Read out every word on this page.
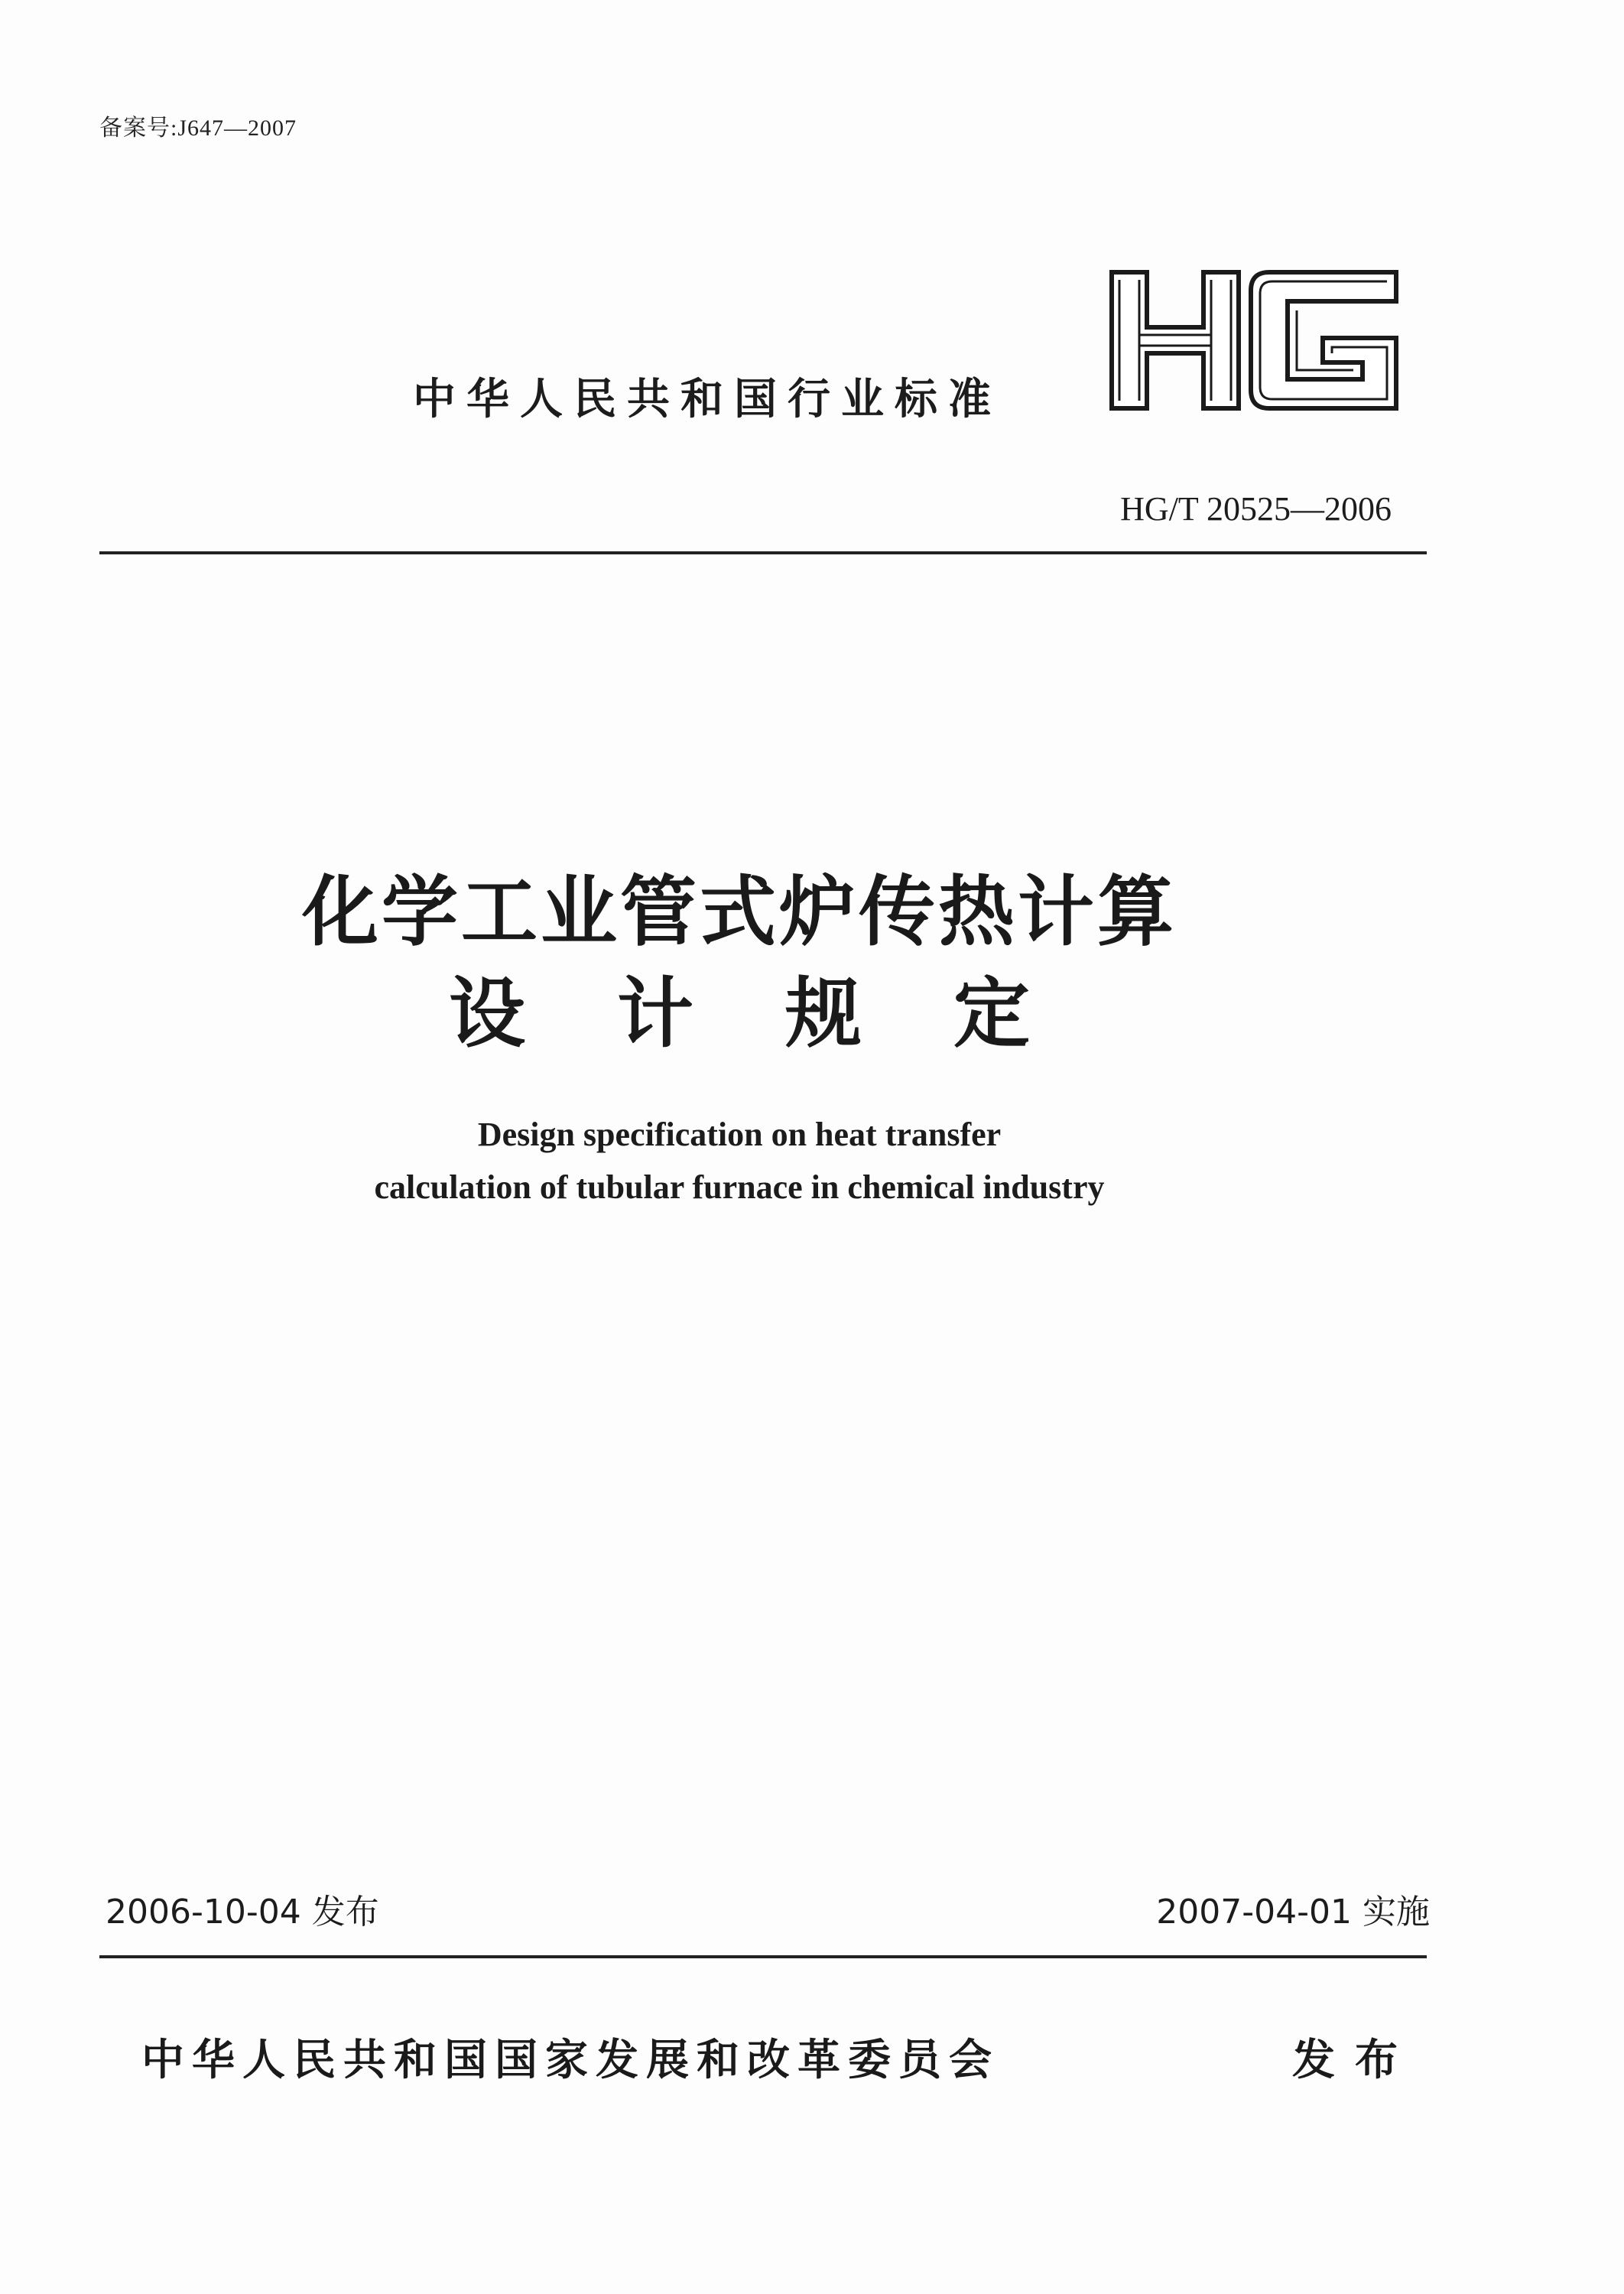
备案号:J647—2007
中华人民共和国行业标准
HG/T 20525—2006
化学工业管式炉传热计算
设计规定
Design specification on heat transfer
calculation of tubular furnace in chemical industry
2006-10-04 发布	2007-04-01 实施
中华人民共和国国家发展和改革委员会	发布
